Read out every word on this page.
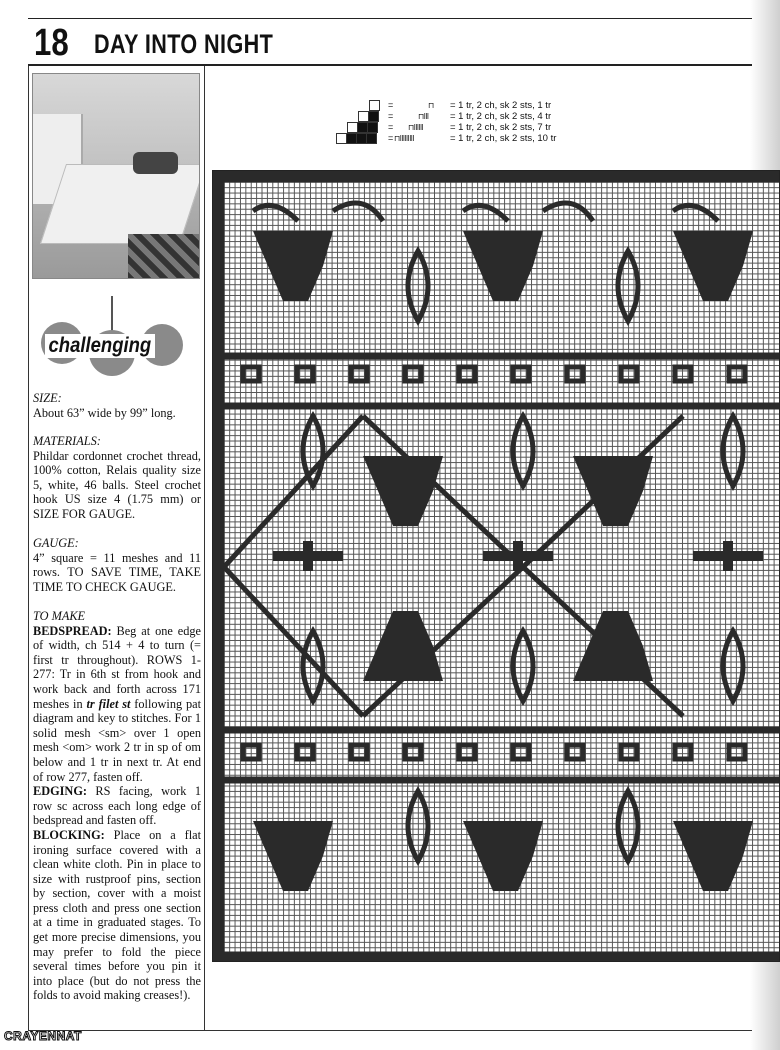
18 DAY INTO NIGHT
challenging
SIZE:
About 63” wide by 99” long.
MATERIALS:
Phildar cordonnet crochet thread, 100% cotton, Relais quality size 5, white, 46 balls. Steel crochet hook US size 4 (1.75 mm) or SIZE FOR GAUGE.
GAUGE:
4” square = 11 meshes and 11 rows. TO SAVE TIME, TAKE TIME TO CHECK GAUGE.
TO MAKE
BEDSPREAD: Beg at one edge of width, ch 514 + 4 to turn (= first tr throughout). ROWS 1-277: Tr in 6th st from hook and work back and forth across 171 meshes in tr filet st following pat diagram and key to stitches. For 1 solid mesh <sm> over 1 open mesh <om> work 2 tr in sp of om below and 1 tr in next tr. At end of row 277, fasten off.
EDGING: RS facing, work 1 row sc across each long edge of bedspread and fasten off.
BLOCKING: Place on a flat ironing surface covered with a clean white cloth. Pin in place to size with rustproof pins, section by section, cover with a moist press cloth and press one section at a time in graduated stages. To get more precise dimensions, you may prefer to fold the piece several times before you pin it into place (but do not press the folds to avoid making creases!).
=	⊓ = 1 tr, 2 ch, sk 2 sts, 1 tr
=	⊓ǀǀǀ = 1 tr, 2 ch, sk 2 sts, 4 tr
= ⊓ǀǀǀǀǀǀ	= 1 tr, 2 ch, sk 2 sts, 7 tr
= ⊓ǀǀǀǀǀǀǀǀǀ	= 1 tr, 2 ch, sk 2 sts, 10 tr
CRAYENNAT
